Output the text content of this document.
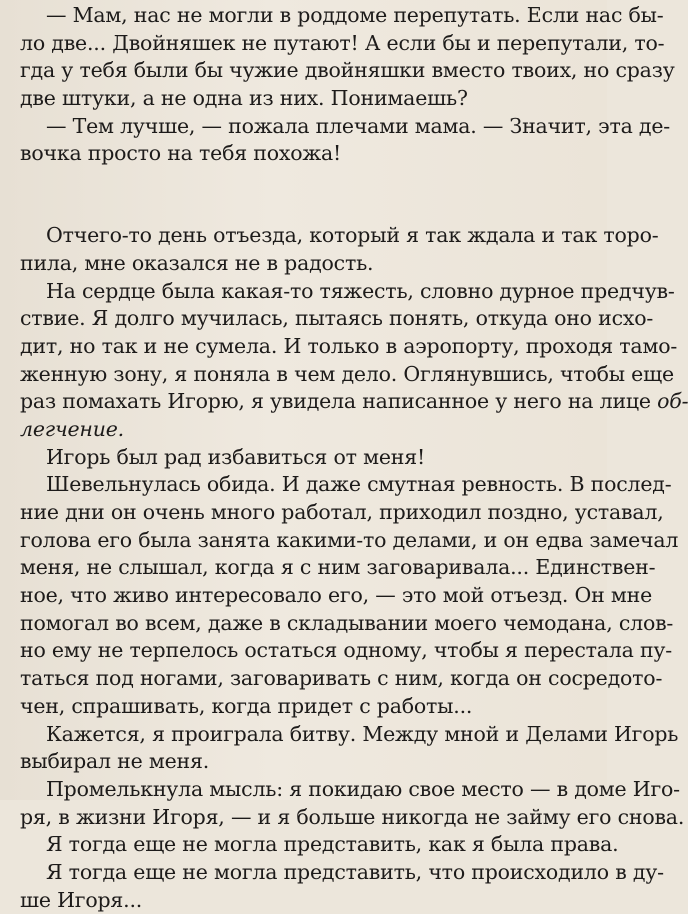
— Мам, нас не могли в роддоме перепутать. Если нас бы-
ло две... Двойняшек не путают! А если бы и перепутали, то-
гда у тебя были бы чужие двойняшки вместо твоих, но сразу
две штуки, а не одна из них. Понимаешь?
— Тем лучше, — пожала плечами мама. — Значит, эта де-
вочка просто на тебя похожа!
Отчего-то день отъезда, который я так ждала и так торо-
пила, мне оказался не в радость.
На сердце была какая-то тяжесть, словно дурное предчув-
ствие. Я долго мучилась, пытаясь понять, откуда оно исхо-
дит, но так и не сумела. И только в аэропорту, проходя тамо-
женную зону, я поняла в чем дело. Оглянувшись, чтобы еще
раз помахать Игорю, я увидела написанное у него на лице об-
легчение.
Игорь был рад избавиться от меня!
Шевельнулась обида. И даже смутная ревность. В послед-
ние дни он очень много работал, приходил поздно, уставал,
голова его была занята какими-то делами, и он едва замечал
меня, не слышал, когда я с ним заговаривала... Единствен-
ное, что живо интересовало его, — это мой отъезд. Он мне
помогал во всем, даже в складывании моего чемодана, слов-
но ему не терпелось остаться одному, чтобы я перестала пу-
таться под ногами, заговаривать с ним, когда он сосредото-
чен, спрашивать, когда придет с работы...
Кажется, я проиграла битву. Между мной и Делами Игорь
выбирал не меня.
Промелькнула мысль: я покидаю свое место — в доме Иго-
ря, в жизни Игоря, — и я больше никогда не займу его снова.
Я тогда еще не могла представить, как я была права.
Я тогда еще не могла представить, что происходило в ду-
ше Игоря...
